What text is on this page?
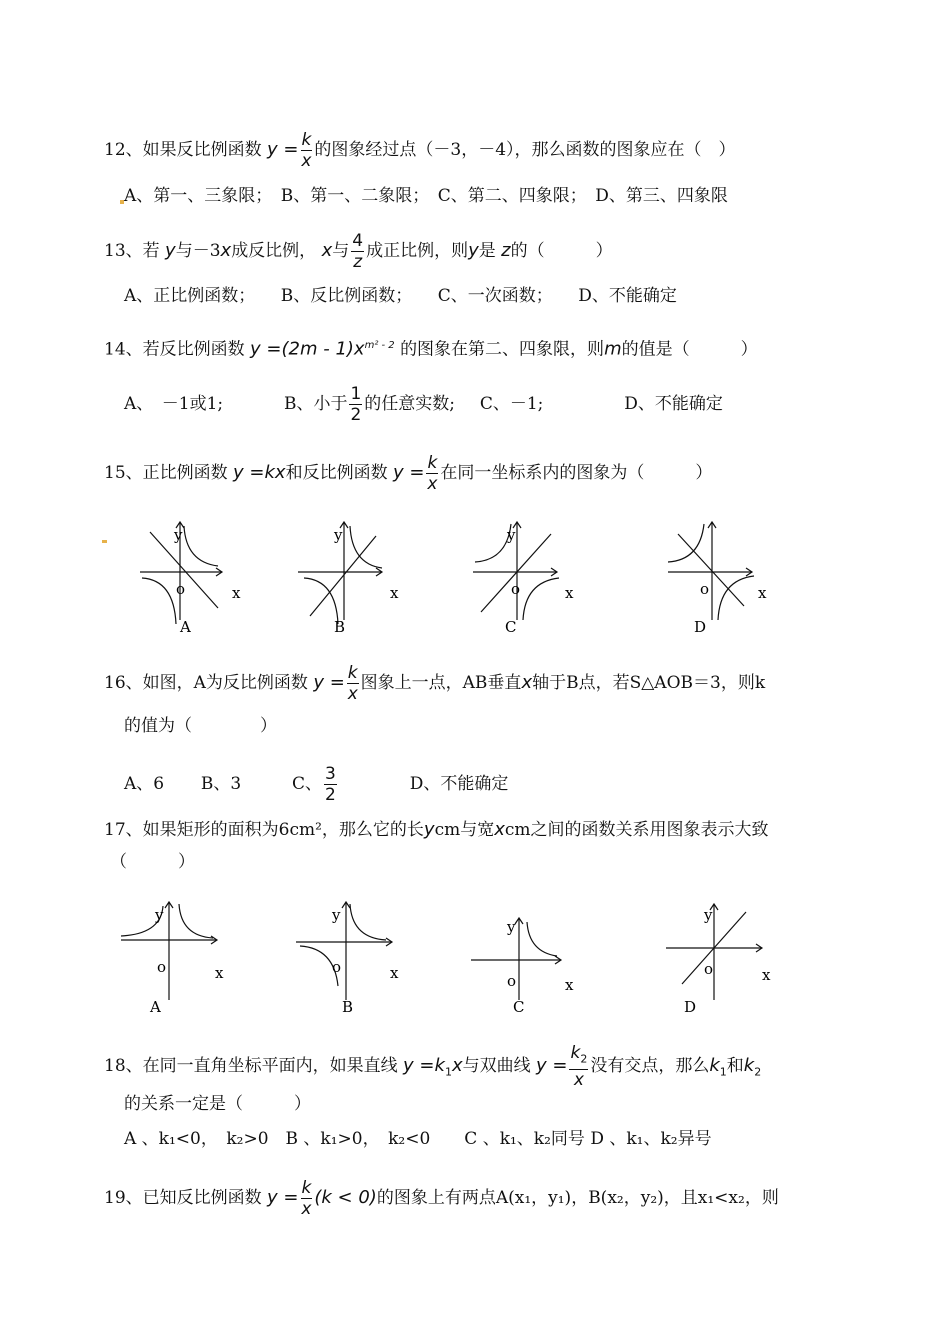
12、如果反比例函数 $y = \frac{k}{x}$ 的图象经过点（－3，－4），那么函数的图象应在（　）
A、第一、三象限；　B、第一、二象限；　C、第二、四象限；　D、第三、四象限
13、若 y与－3x成反比例， x与 $\frac{4}{z}$ 成正比例，则y是 z的（　　　）
A、正比例函数；　　B、反比例函数；　　C、一次函数；　　D、不能确定
14、若反比例函数 $y =(2m - 1)x^{m^2 - 2}$ 的图象在第二、四象限，则m的值是（　　　）
A、　－1或1;	B、小于 $\frac{1}{2}$ 的任意实数; C、－1;	D、不能确定
15、正比例函数 y =kx和反比例函数 $y = \frac{k}{x}$ 在同一坐标系内的图象为（　　　）
y
o	x
A
y
x
B
y
o	x
C
o	x
D
16、如图，A为反比例函数 $y = \frac{k}{x}$ 图象上一点，AB垂直x轴于B点，若S△AOB＝3，则k
的值为（　　　　）
A、6 B、3	C、 $\frac{3}{2}$	D、不能确定
17、如果矩形的面积为6cm²，那么它的长ycm与宽xcm之间的函数关系用图象表示大致
（　　　）
y
o	x
A
y
o	x
B
y
o	x
C
y
o	x
D
18、在同一直角坐标平面内，如果直线 $y =k_1x$与双曲线 $y = \frac{k_2}{x}$ 没有交点，那么$k_1$和$k_2$
的关系一定是（　　　）
A 、k₁<0，　k₂>0　B 、k₁>0，　k₂<0　　C 、k₁、k₂同号 D 、k₁、k₂异号
19、已知反比例函数 $y = \frac{k}{x} (k < 0)$的图象上有两点A(x₁，y₁)，B(x₂，y₂)，且x₁<x₂，则
